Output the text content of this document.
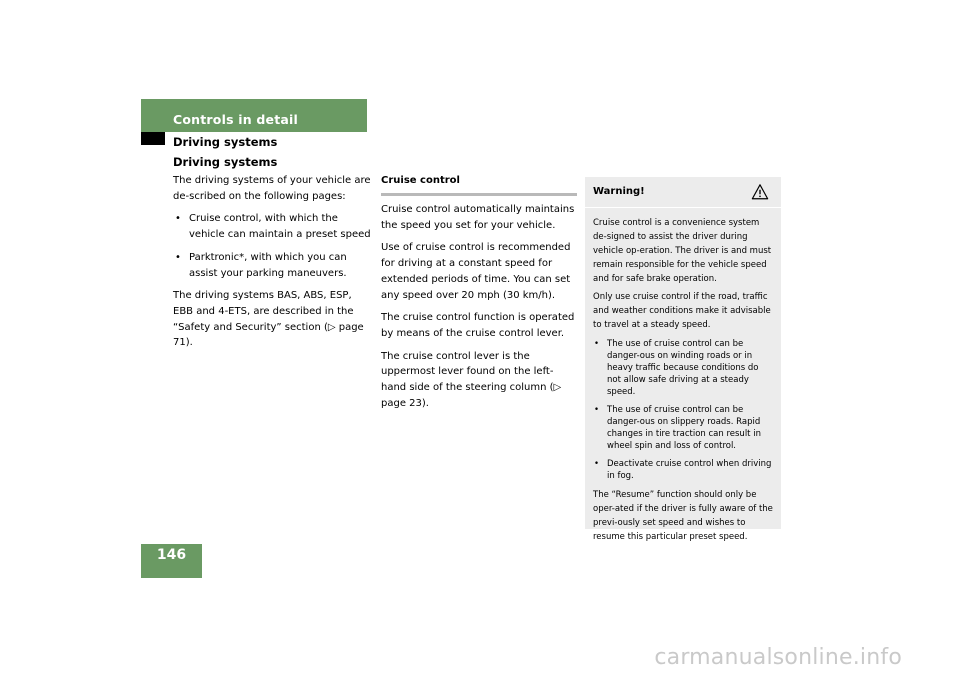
Controls in detail
Driving systems
Driving systems

The driving systems of your vehicle are de-scribed on the following pages:

• Cruise control, with which the vehicle can maintain a preset speed
• Parktronic*, with which you can assist your parking maneuvers.

The driving systems BAS, ABS, ESP, EBB and 4-ETS, are described in the “Safety and Security” section (▷ page 71).

Cruise control

Cruise control automatically maintains the speed you set for your vehicle.

Use of cruise control is recommended for driving at a constant speed for extended periods of time. You can set any speed over 20 mph (30 km/h).

The cruise control function is operated by means of the cruise control lever.

The cruise control lever is the uppermost lever found on the left-hand side of the steering column (▷ page 23).

Warning!

Cruise control is a convenience system de-signed to assist the driver during vehicle op-eration. The driver is and must remain responsible for the vehicle speed and for safe brake operation.

Only use cruise control if the road, traffic and weather conditions make it advisable to travel at a steady speed.

• The use of cruise control can be danger-ous on winding roads or in heavy traffic because conditions do not allow safe driving at a steady speed.
• The use of cruise control can be danger-ous on slippery roads. Rapid changes in tire traction can result in wheel spin and loss of control.
• Deactivate cruise control when driving in fog.

The “Resume” function should only be oper-ated if the driver is fully aware of the previ-ously set speed and wishes to resume this particular preset speed.

146
carmanualsonline.info
